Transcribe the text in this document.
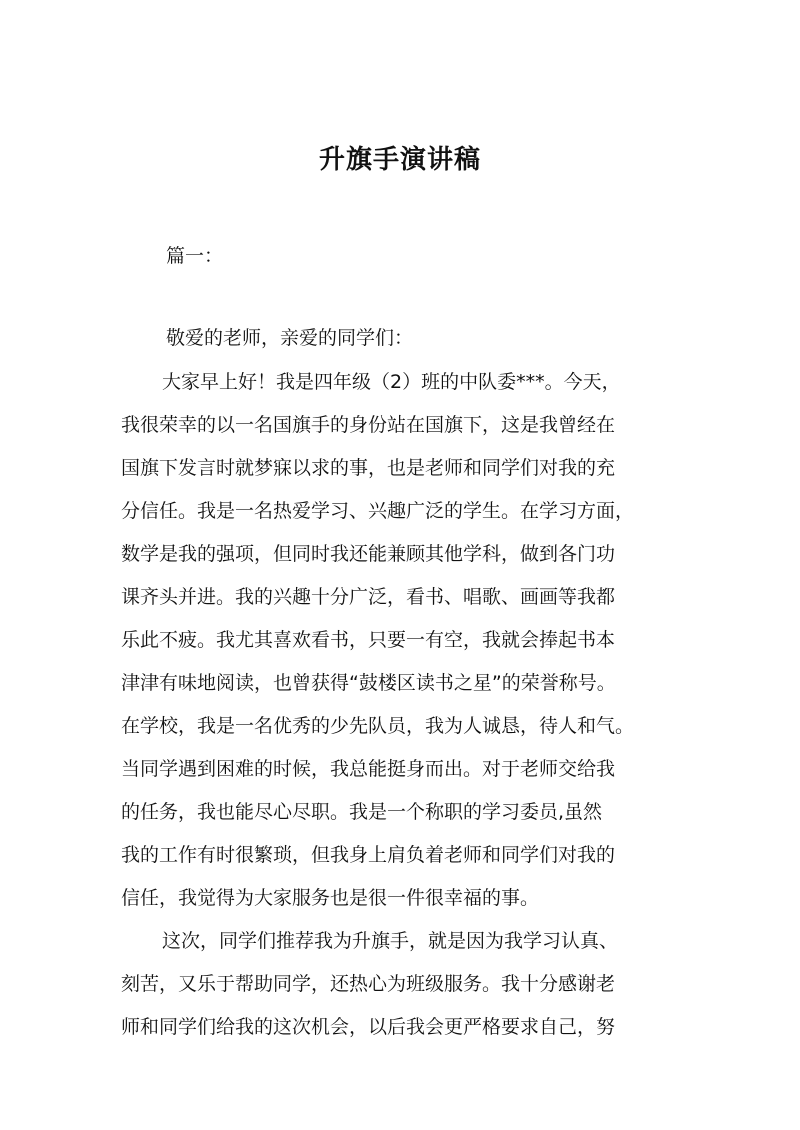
升旗手演讲稿
篇一：
敬爱的老师，亲爱的同学们：
大家早上好！我是四年级（2）班的中队委***。今天，
我很荣幸的以一名国旗手的身份站在国旗下，这是我曾经在
国旗下发言时就梦寐以求的事，也是老师和同学们对我的充
分信任。我是一名热爱学习、兴趣广泛的学生。在学习方面，
数学是我的强项，但同时我还能兼顾其他学科，做到各门功
课齐头并进。我的兴趣十分广泛，看书、唱歌、画画等我都
乐此不疲。我尤其喜欢看书，只要一有空，我就会捧起书本
津津有味地阅读，也曾获得“鼓楼区读书之星”的荣誉称号。
在学校，我是一名优秀的少先队员，我为人诚恳，待人和气。
当同学遇到困难的时候，我总能挺身而出。对于老师交给我
的任务，我也能尽心尽职。我是一个称职的学习委员,虽然
我的工作有时很繁琐，但我身上肩负着老师和同学们对我的
信任，我觉得为大家服务也是很一件很幸福的事。
这次，同学们推荐我为升旗手，就是因为我学习认真、
刻苦，又乐于帮助同学，还热心为班级服务。我十分感谢老
师和同学们给我的这次机会，以后我会更严格要求自己，努
